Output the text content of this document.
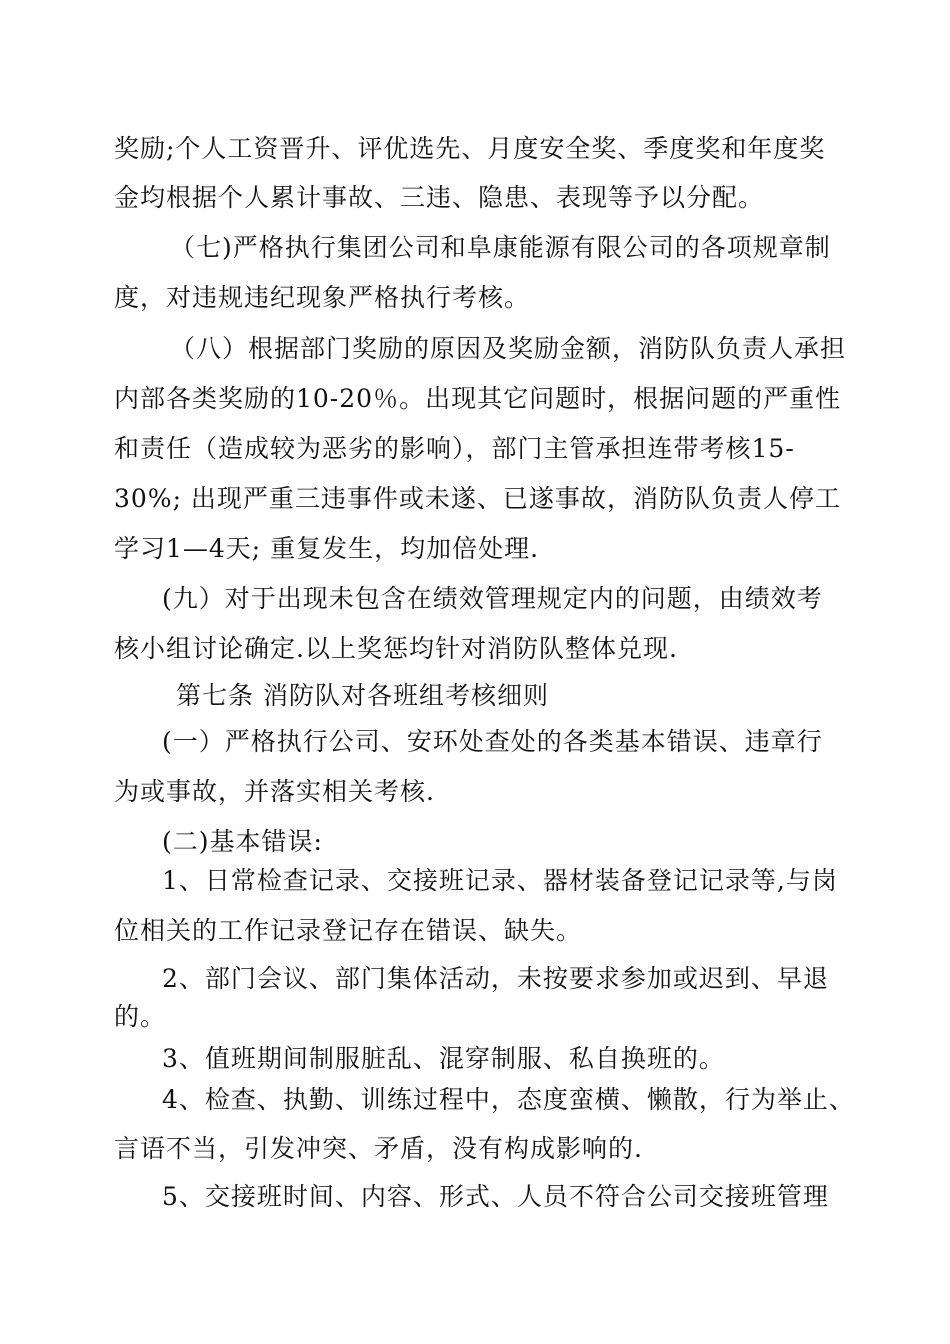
奖励;个人工资晋升、评优选先、月度安全奖、季度奖和年度奖
金均根据个人累计事故、三违、隐患、表现等予以分配。
（七)严格执行集团公司和阜康能源有限公司的各项规章制
度，对违规违纪现象严格执行考核。
（八）根据部门奖励的原因及奖励金额，消防队负责人承担
内部各类奖励的10-20％。出现其它问题时，根据问题的严重性
和责任（造成较为恶劣的影响），部门主管承担连带考核15-
30%; 出现严重三违事件或未遂、已遂事故，消防队负责人停工
学习1—4天; 重复发生，均加倍处理.
(九）对于出现未包含在绩效管理规定内的问题，由绩效考
核小组讨论确定.以上奖惩均针对消防队整体兑现.
第七条 消防队对各班组考核细则
(一）严格执行公司、安环处查处的各类基本错误、违章行
为或事故，并落实相关考核.
(二)基本错误:
1、日常检查记录、交接班记录、器材装备登记记录等,与岗
位相关的工作记录登记存在错误、缺失。
2、部门会议、部门集体活动，未按要求参加或迟到、早退
的。
3、值班期间制服脏乱、混穿制服、私自换班的。
4、检查、执勤、训练过程中，态度蛮横、懒散，行为举止、
言语不当，引发冲突、矛盾，没有构成影响的.
5、交接班时间、内容、形式、人员不符合公司交接班管理
